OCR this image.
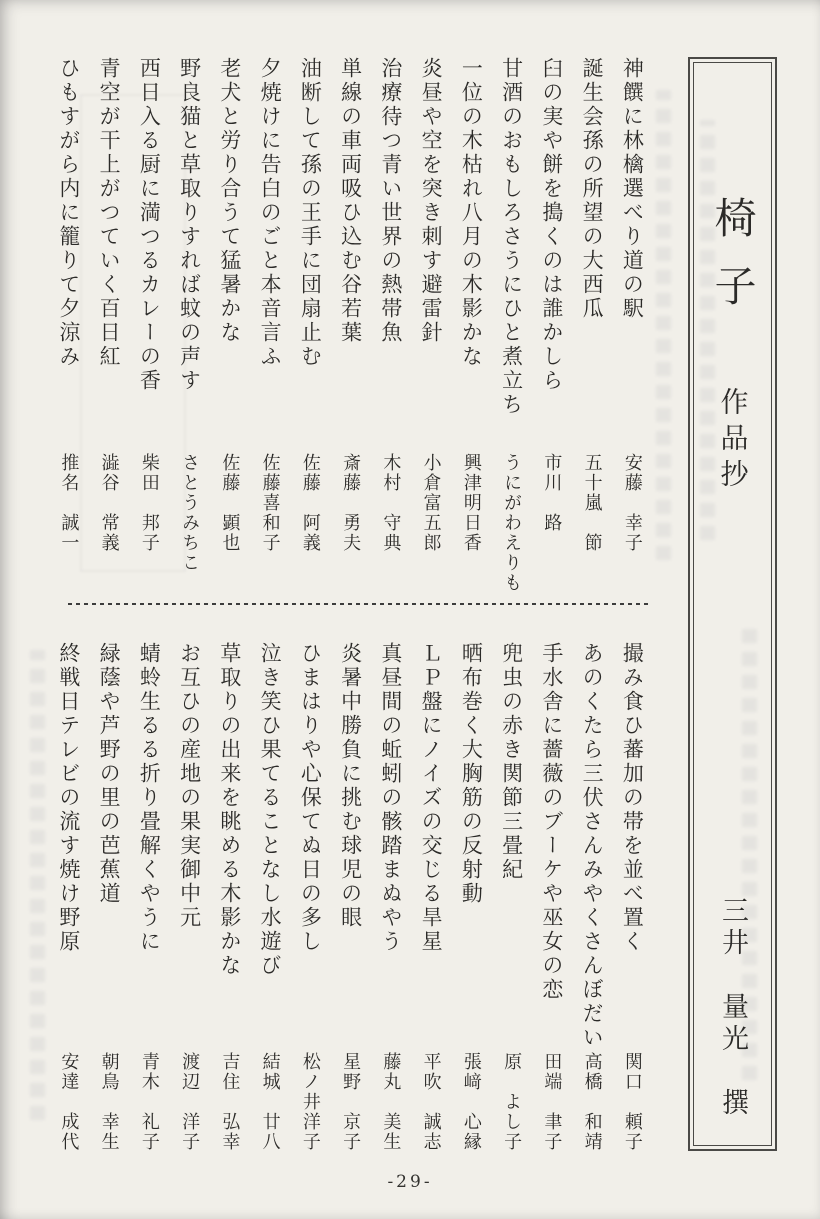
椅子
作品抄
三井　量光　撰
神饌に林檎選べり道の駅
安藤　幸子
誕生会孫の所望の大西瓜
五十嵐　節
臼の実や餅を搗くのは誰かしら
市川　路
甘酒のおもしろさうにひと煮立ち
うにがわえりも
一位の木枯れ八月の木影かな
興津明日香
炎昼や空を突き刺す避雷針
小倉富五郎
治療待つ青い世界の熱帯魚
木村　守典
単線の車両吸ひ込む谷若葉
斎藤　勇夫
油断して孫の王手に団扇止む
佐藤　阿義
夕焼けに告白のごと本音言ふ
佐藤喜和子
老犬と労り合うて猛暑かな
佐藤　顕也
野良猫と草取りすれば蚊の声す
さとうみちこ
西日入る厨に満つるカレーの香
柴田　邦子
青空が干上がつていく百日紅
澁谷　常義
ひもすがら内に籠りて夕涼み
推名　誠一
撮み食ひ蕃加の帯を並べ置く
関口　頼子
あのくたら三伏さんみやくさんぼだい
高橋　和靖
手水舎に薔薇のブーケや巫女の恋
田端　聿子
兜虫の赤き関節三畳紀
原　よし子
晒布巻く大胸筋の反射動
張﨑　心縁
ＬＰ盤にノイズの交じる旱星
平吹　誠志
真昼間の蚯蚓の骸踏まぬやう
藤丸　美生
炎暑中勝負に挑む球児の眼
星野　京子
ひまはりや心保てぬ日の多し
松ノ井洋子
泣き笑ひ果てることなし水遊び
結城　廿八
草取りの出来を眺める木影かな
吉住　弘幸
お互ひの産地の果実御中元
渡辺　洋子
蜻蛉生るる折り畳解くやうに
青木　礼子
緑蔭や芦野の里の芭蕉道
朝鳥　幸生
終戦日テレビの流す焼け野原
安達　成代
-29-
